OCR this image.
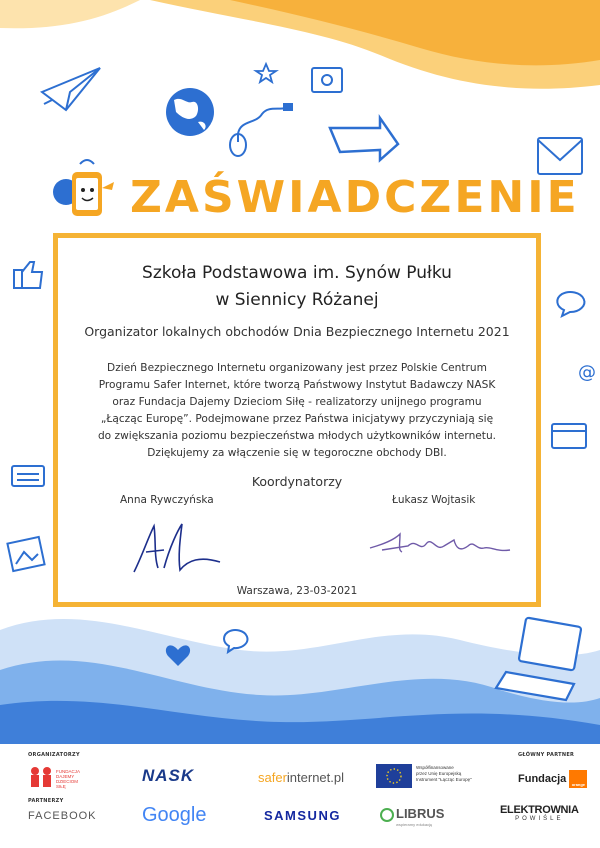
@
ZAŚWIADCZENIE
Szkoła Podstawowa im. Synów Pułku
w Siennicy Różanej
Organizator lokalnych obchodów Dnia Bezpiecznego Internetu 2021
Dzień Bezpiecznego Internetu organizowany jest przez Polskie Centrum
Programu Safer Internet, które tworzą Państwowy Instytut Badawczy NASK
oraz Fundacja Dajemy Dzieciom Siłę - realizatorzy unijnego programu
„Łącząc Europę”. Podejmowane przez Państwa inicjatywy przyczyniają się
do zwiększania poziomu bezpieczeństwa młodych użytkowników internetu.
Dziękujemy za włączenie się w tegoroczne obchody DBI.
Koordynatorzy
Anna Rywczyńska	Łukasz Wojtasik
Warszawa, 23-03-2021
ORGANIZATORZY
PARTNERZY
GŁÓWNY PARTNER
FUNDACJA DAJEMY DZIECIOM SIŁĘ
NASK	saferinternet.pl
Współfinansowane
przez Unię Europejską
Instrument "Łącząc Europę"	Fundacja orange
FACEBOOK Google	SAMSUNG	LIBRUS
wspieramy edukację
ELEKTROWNIA
POWIŚLE
